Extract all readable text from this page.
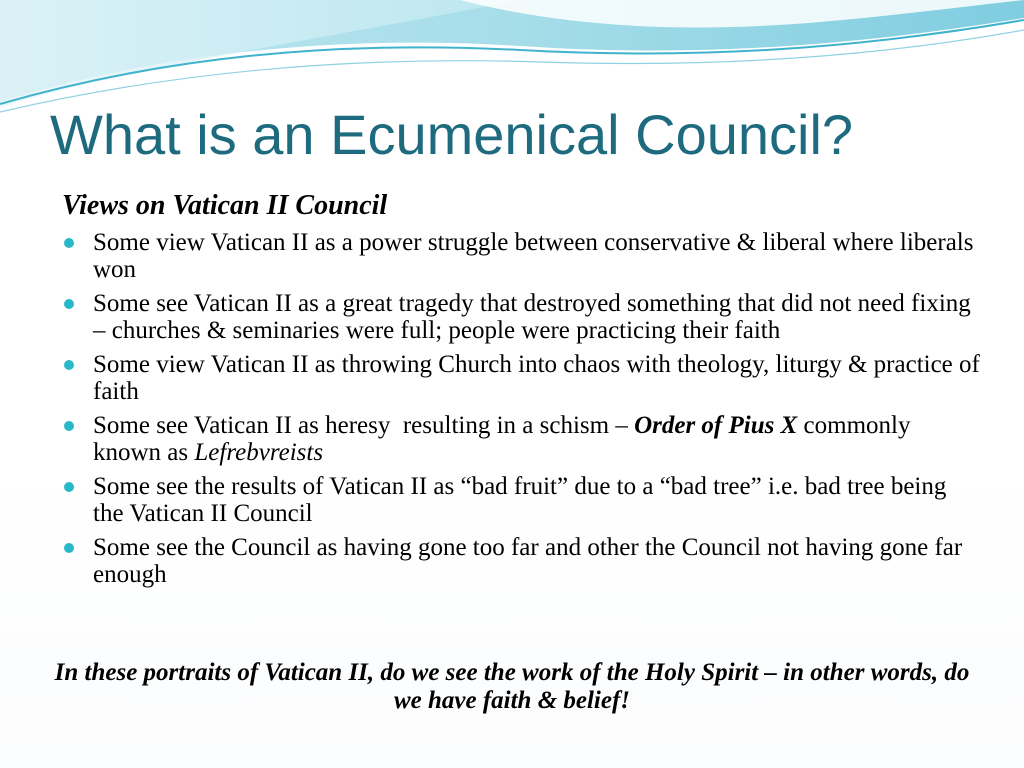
What is an Ecumenical Council?
Views on Vatican II Council
Some view Vatican II as a power struggle between conservative & liberal where liberals won
Some see Vatican II as a great tragedy that destroyed something that did not need fixing – churches & seminaries were full; people were practicing their faith
Some view Vatican II as throwing Church into chaos with theology, liturgy & practice of faith
Some see Vatican II as heresy  resulting in a schism – Order of Pius X commonly known as Lefrebvreists
Some see the results of Vatican II as “bad fruit” due to a “bad tree” i.e. bad tree being the Vatican II Council
Some see the Council as having gone too far and other the Council not having gone far enough

In these portraits of Vatican II, do we see the work of the Holy Spirit – in other words, do we have faith & belief!
